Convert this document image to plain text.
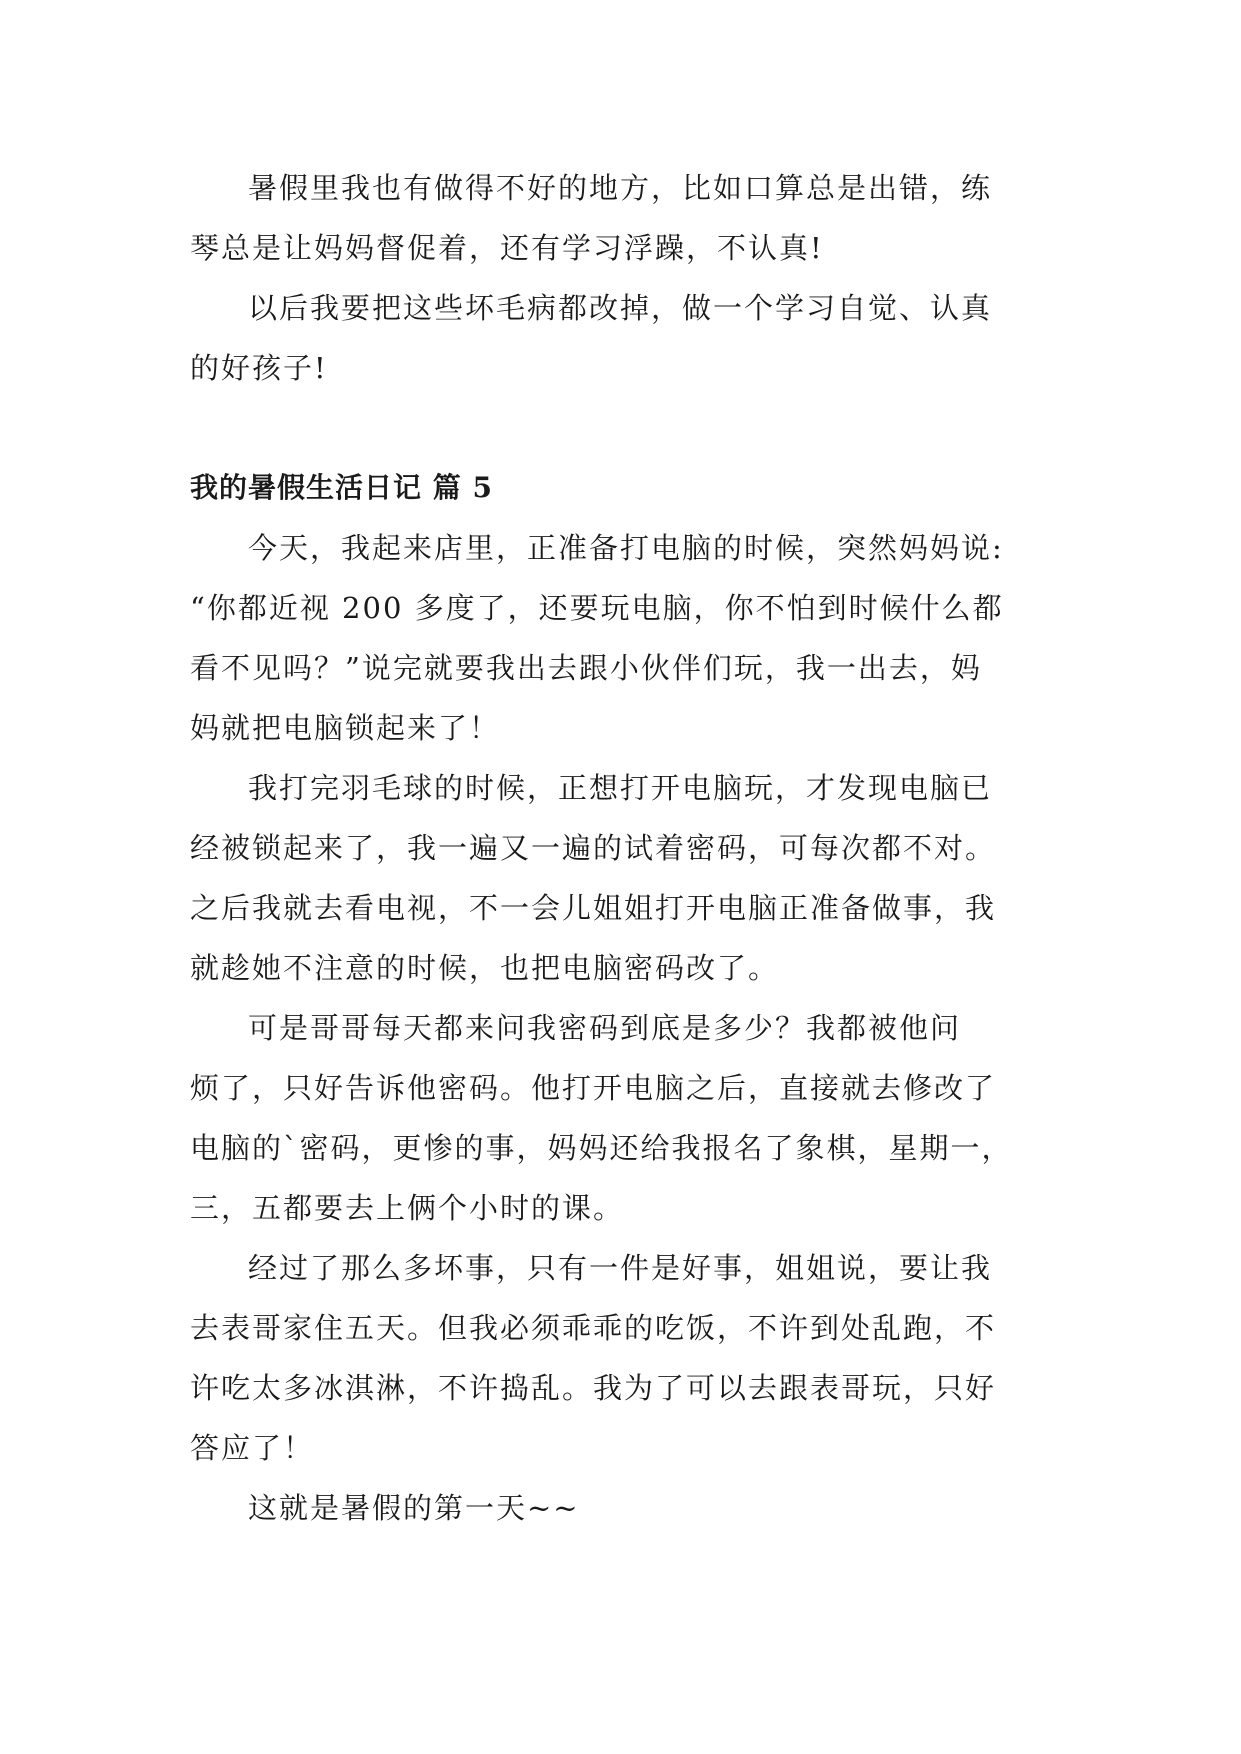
暑假里我也有做得不好的地方，比如口算总是出错，练
琴总是让妈妈督促着，还有学习浮躁，不认真!

以后我要把这些坏毛病都改掉，做一个学习自觉、认真
的好孩子!

我的暑假生活日记 篇 5

今天，我起来店里，正准备打电脑的时候，突然妈妈说:
“你都近视 200 多度了，还要玩电脑，你不怕到时候什么都
看不见吗？”说完就要我出去跟小伙伴们玩，我一出去，妈
妈就把电脑锁起来了！

我打完羽毛球的时候，正想打开电脑玩，才发现电脑已
经被锁起来了，我一遍又一遍的试着密码，可每次都不对。
之后我就去看电视，不一会儿姐姐打开电脑正准备做事，我
就趁她不注意的时候，也把电脑密码改了。

可是哥哥每天都来问我密码到底是多少？我都被他问
烦了，只好告诉他密码。他打开电脑之后，直接就去修改了
电脑的`密码，更惨的事，妈妈还给我报名了象棋，星期一，
三，五都要去上俩个小时的课。

经过了那么多坏事，只有一件是好事，姐姐说，要让我
去表哥家住五天。但我必须乖乖的吃饭，不许到处乱跑，不
许吃太多冰淇淋，不许捣乱。我为了可以去跟表哥玩，只好
答应了！

这就是暑假的第一天~~
